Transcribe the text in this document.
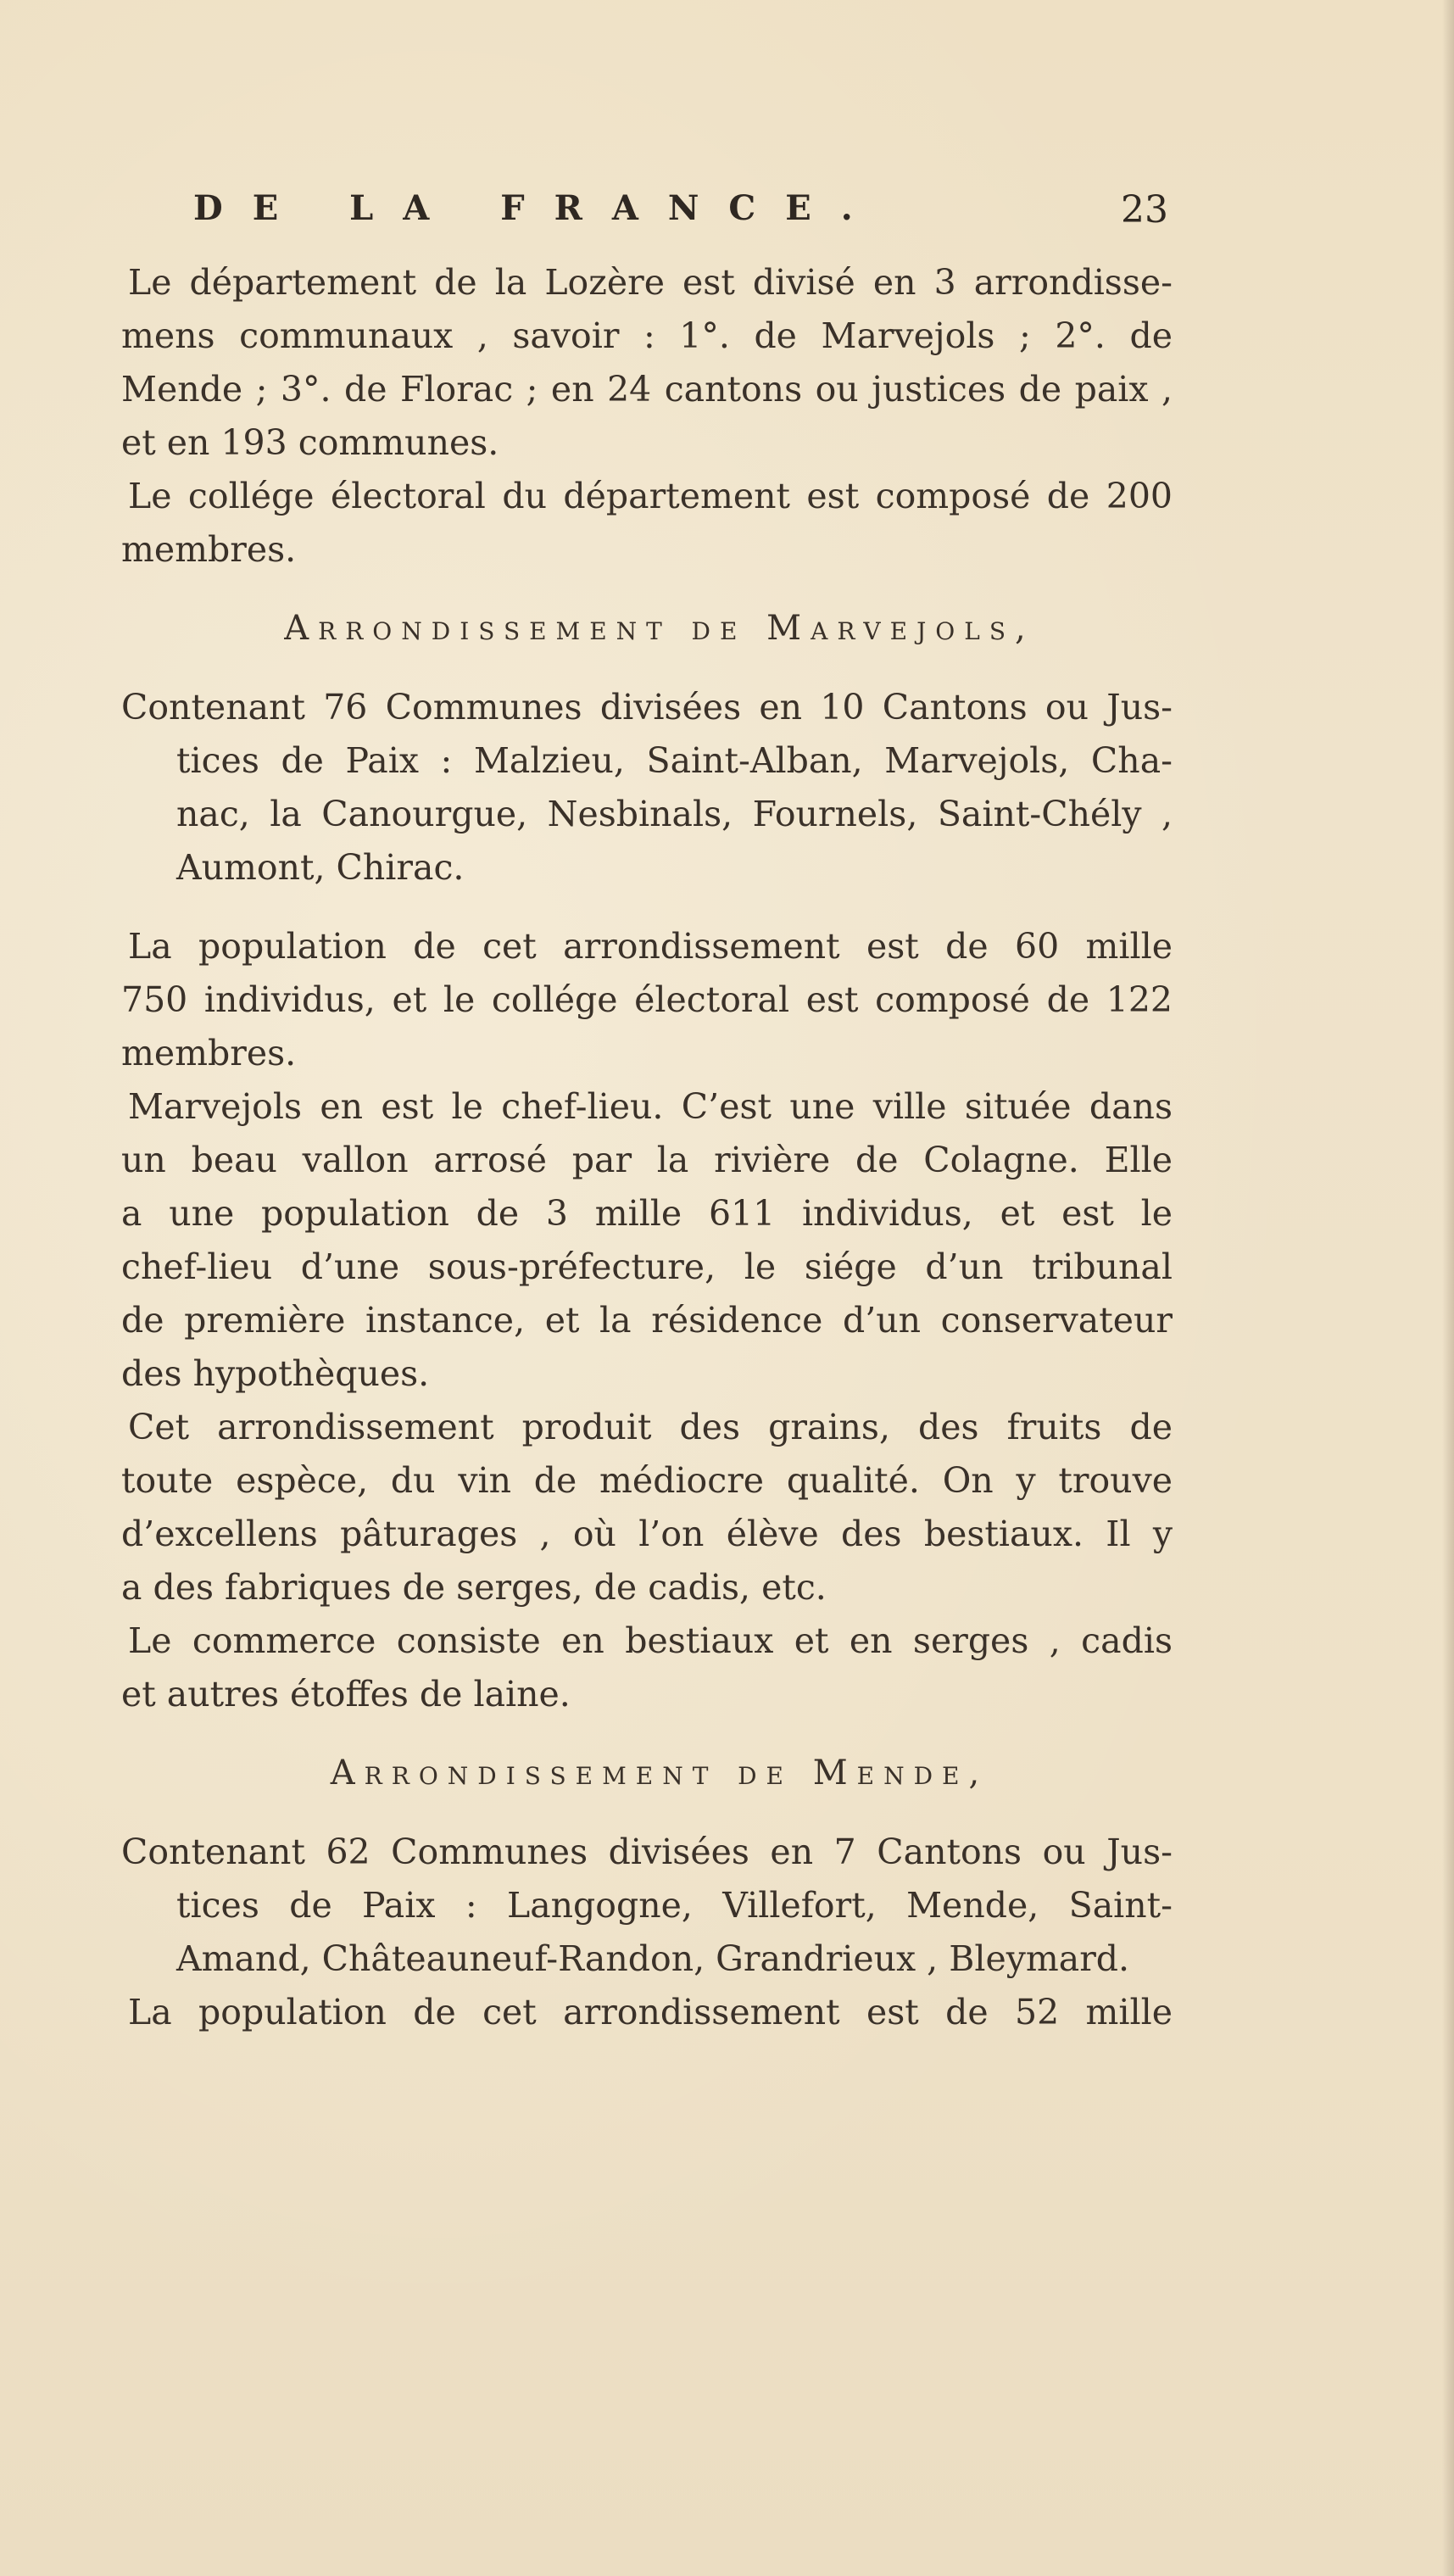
DE LA FRANCE.	23
Le département de la Lozère est divisé en 3 arrondisse-
mens communaux , savoir : 1°. de Marvejols ; 2°. de
Mende ; 3°. de Florac ; en 24 cantons ou justices de paix ,
et en 193 communes.
Le collége électoral du département est composé de 200
membres.
Arrondissement de Marvejols,
Contenant 76 Communes divisées en 10 Cantons ou Jus-
tices de Paix : Malzieu, Saint-Alban, Marvejols, Cha-
nac, la Canourgue, Nesbinals, Fournels, Saint-Chély ,
Aumont, Chirac.
La population de cet arrondissement est de 60 mille
750 individus, et le collége électoral est composé de 122
membres.
Marvejols en est le chef-lieu. C’est une ville située dans
un beau vallon arrosé par la rivière de Colagne. Elle
a une population de 3 mille 611 individus, et est le
chef-lieu d’une sous-préfecture, le siége d’un tribunal
de première instance, et la résidence d’un conservateur
des hypothèques.
Cet arrondissement produit des grains, des fruits de
toute espèce, du vin de médiocre qualité. On y trouve
d’excellens pâturages , où l’on élève des bestiaux. Il y
a des fabriques de serges, de cadis, etc.
Le commerce consiste en bestiaux et en serges , cadis
et autres étoffes de laine.
Arrondissement de Mende,
Contenant 62 Communes divisées en 7 Cantons ou Jus-
tices de Paix : Langogne, Villefort, Mende, Saint-
Amand, Châteauneuf-Randon, Grandrieux , Bleymard.
La population de cet arrondissement est de 52 mille
